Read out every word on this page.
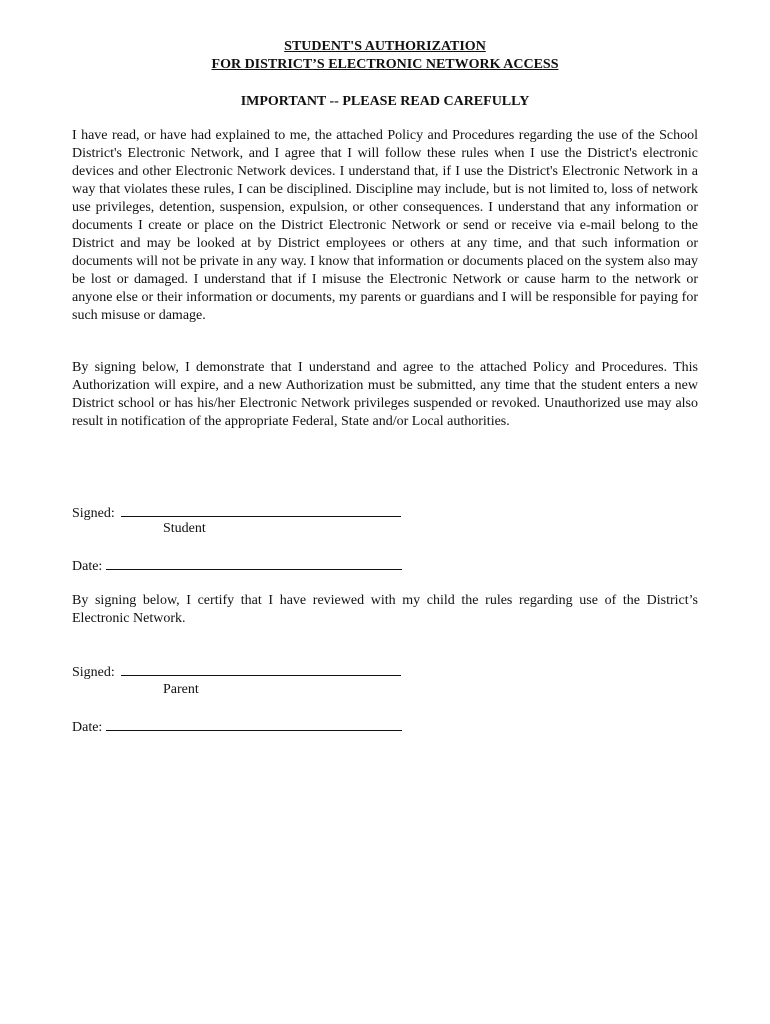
STUDENT'S AUTHORIZATION
FOR DISTRICT’S ELECTRONIC NETWORK ACCESS
IMPORTANT -- PLEASE READ CAREFULLY

I have read, or have had explained to me, the attached Policy and Procedures regarding the use of the School District's Electronic Network, and I agree that I will follow these rules when I use the District's electronic devices and other Electronic Network devices. I understand that, if I use the District's Electronic Network in a way that violates these rules, I can be disciplined. Discipline may include, but is not limited to, loss of network use privileges, detention, suspension, expulsion, or other consequences. I understand that any information or documents I create or place on the District Electronic Network or send or receive via e-mail belong to the District and may be looked at by District employees or others at any time, and that such information or documents will not be private in any way. I know that information or documents placed on the system also may be lost or damaged. I understand that if I misuse the Electronic Network or cause harm to the network or anyone else or their information or documents, my parents or guardians and I will be responsible for paying for such misuse or damage.

By signing below, I demonstrate that I understand and agree to the attached Policy and Procedures. This Authorization will expire, and a new Authorization must be submitted, any time that the student enters a new District school or has his/her Electronic Network privileges suspended or revoked. Unauthorized use may also result in notification of the appropriate Federal, State and/or Local authorities.

Signed:
Student
Date:

By signing below, I certify that I have reviewed with my child the rules regarding use of the District’s Electronic Network.

Signed:
Parent
Date:
